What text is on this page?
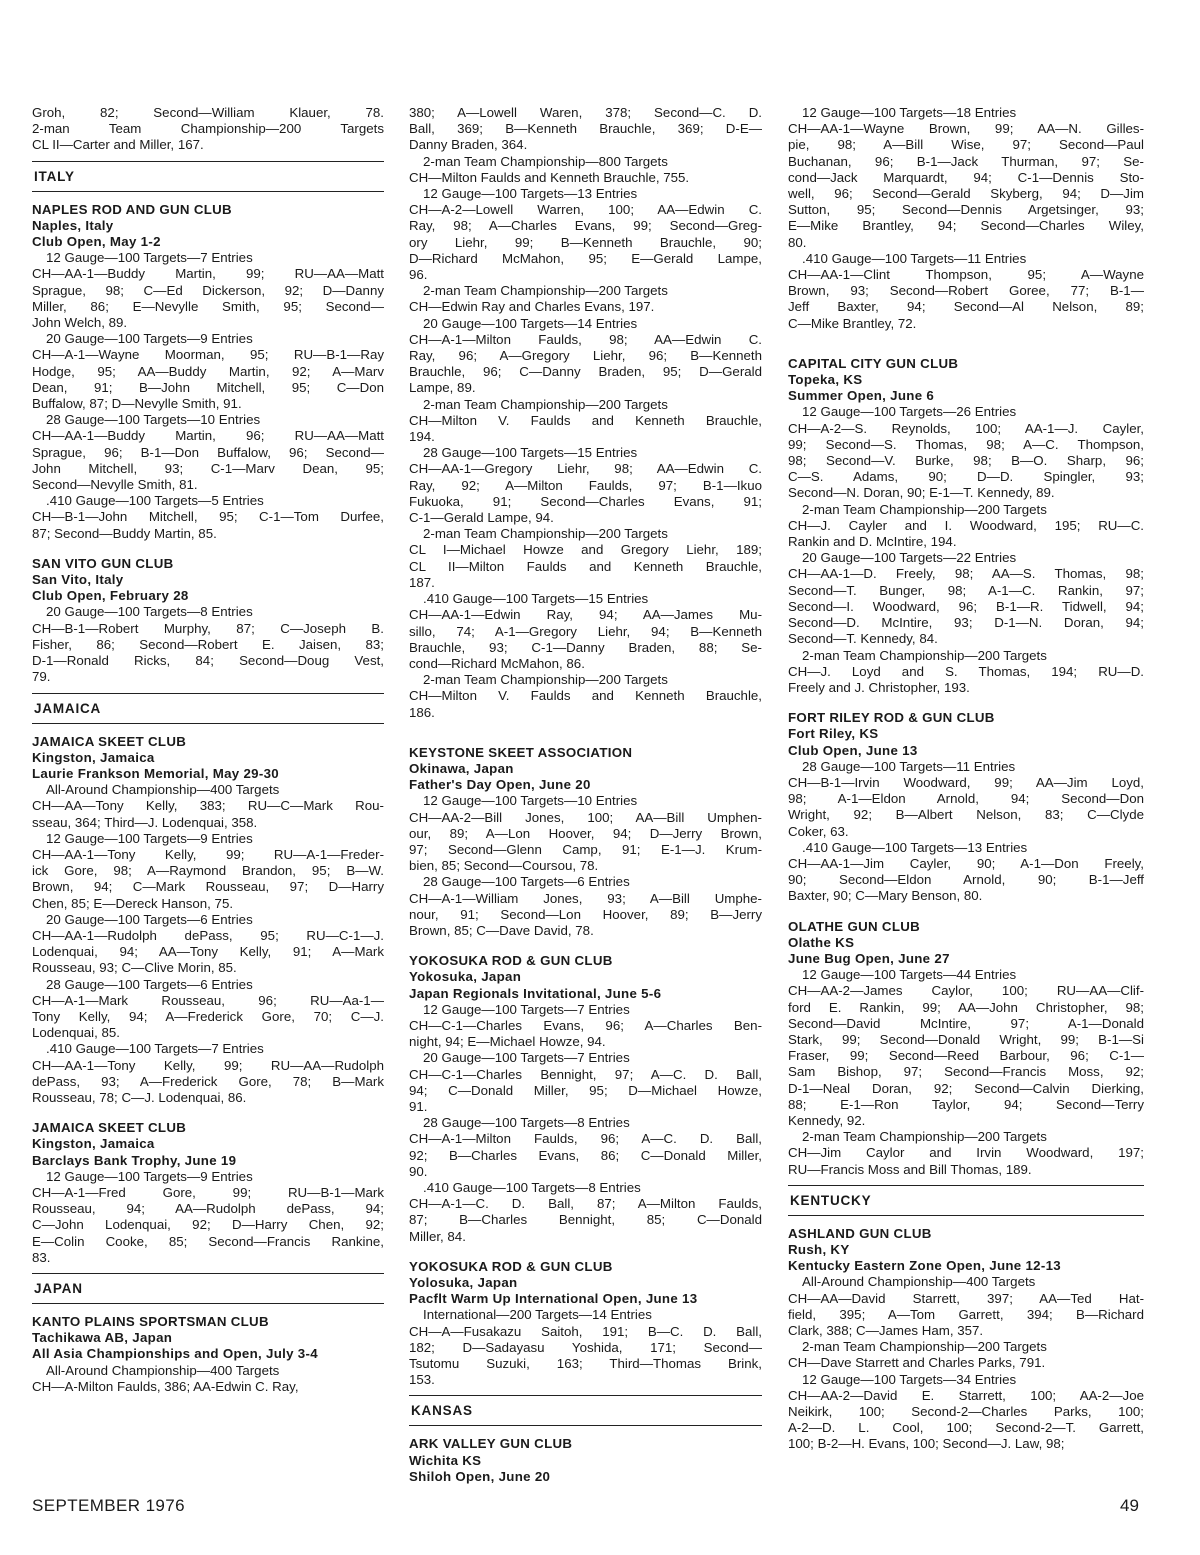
Groh, 82; Second—William Klauer, 78.
2-man Team Championship—200 Targets
CL II—Carter and Miller, 167.
ITALY
NAPLES ROD AND GUN CLUB
Naples, Italy
Club Open, May 1-2
12 Gauge—100 Targets—7 Entries
CH—AA-1—Buddy Martin, 99; RU—AA—Matt
Sprague, 98; C—Ed Dickerson, 92; D—Danny
Miller, 86; E—Nevylle Smith, 95; Second—
John Welch, 89.
20 Gauge—100 Targets—9 Entries
CH—A-1—Wayne Moorman, 95; RU—B-1—Ray
Hodge, 95; AA—Buddy Martin, 92; A—Marv
Dean, 91; B—John Mitchell, 95; C—Don
Buffalow, 87; D—Nevylle Smith, 91.
28 Gauge—100 Targets—10 Entries
CH—AA-1—Buddy Martin, 96; RU—AA—Matt
Sprague, 96; B-1—Don Buffalow, 96; Second—
John Mitchell, 93; C-1—Marv Dean, 95;
Second—Nevylle Smith, 81.
.410 Gauge—100 Targets—5 Entries
CH—B-1—John Mitchell, 95; C-1—Tom Durfee,
87; Second—Buddy Martin, 85.
SAN VITO GUN CLUB
San Vito, Italy
Club Open, February 28
20 Gauge—100 Targets—8 Entries
CH—B-1—Robert Murphy, 87; C—Joseph B.
Fisher, 86; Second—Robert E. Jaisen, 83;
D-1—Ronald Ricks, 84; Second—Doug Vest,
79.
JAMAICA
JAMAICA SKEET CLUB
Kingston, Jamaica
Laurie Frankson Memorial, May 29-30
All-Around Championship—400 Targets
CH—AA—Tony Kelly, 383; RU—C—Mark Rou-
sseau, 364; Third—J. Lodenquai, 358.
12 Gauge—100 Targets—9 Entries
CH—AA-1—Tony Kelly, 99; RU—A-1—Freder-
ick Gore, 98; A—Raymond Brandon, 95; B—W.
Brown, 94; C—Mark Rousseau, 97; D—Harry
Chen, 85; E—Dereck Hanson, 75.
20 Gauge—100 Targets—6 Entries
CH—AA-1—Rudolph dePass, 95; RU—C-1—J.
Lodenquai, 94; AA—Tony Kelly, 91; A—Mark
Rousseau, 93; C—Clive Morin, 85.
28 Gauge—100 Targets—6 Entries
CH—A-1—Mark Rousseau, 96; RU—Aa-1—
Tony Kelly, 94; A—Frederick Gore, 70; C—J.
Lodenquai, 85.
.410 Gauge—100 Targets—7 Entries
CH—AA-1—Tony Kelly, 99; RU—AA—Rudolph
dePass, 93; A—Frederick Gore, 78; B—Mark
Rousseau, 78; C—J. Lodenquai, 86.
JAMAICA SKEET CLUB
Kingston, Jamaica
Barclays Bank Trophy, June 19
12 Gauge—100 Targets—9 Entries
CH—A-1—Fred Gore, 99; RU—B-1—Mark
Rousseau, 94; AA—Rudolph dePass, 94;
C—John Lodenquai, 92; D—Harry Chen, 92;
E—Colin Cooke, 85; Second—Francis Rankine,
83.
JAPAN
KANTO PLAINS SPORTSMAN CLUB
Tachikawa AB, Japan
All Asia Championships and Open, July 3-4
All-Around Championship—400 Targets
CH—A-Milton Faulds, 386; AA-Edwin C. Ray,
380; A—Lowell Waren, 378; Second—C. D.
Ball, 369; B—Kenneth Brauchle, 369; D-E—
Danny Braden, 364.
2-man Team Championship—800 Targets
CH—Milton Faulds and Kenneth Brauchle, 755.
12 Gauge—100 Targets—13 Entries
CH—A-2—Lowell Warren, 100; AA—Edwin C.
Ray, 98; A—Charles Evans, 99; Second—Greg-
ory Liehr, 99; B—Kenneth Brauchle, 90;
D—Richard McMahon, 95; E—Gerald Lampe,
96.
2-man Team Championship—200 Targets
CH—Edwin Ray and Charles Evans, 197.
20 Gauge—100 Targets—14 Entries
CH—A-1—Milton Faulds, 98; AA—Edwin C.
Ray, 96; A—Gregory Liehr, 96; B—Kenneth
Brauchle, 96; C—Danny Braden, 95; D—Gerald
Lampe, 89.
2-man Team Championship—200 Targets
CH—Milton V. Faulds and Kenneth Brauchle,
194.
28 Gauge—100 Targets—15 Entries
CH—AA-1—Gregory Liehr, 98; AA—Edwin C.
Ray, 92; A—Milton Faulds, 97; B-1—Ikuo
Fukuoka, 91; Second—Charles Evans, 91;
C-1—Gerald Lampe, 94.
2-man Team Championship—200 Targets
CL I—Michael Howze and Gregory Liehr, 189;
CL II—Milton Faulds and Kenneth Brauchle,
187.
.410 Gauge—100 Targets—15 Entries
CH—AA-1—Edwin Ray, 94; AA—James Mu-
sillo, 74; A-1—Gregory Liehr, 94; B—Kenneth
Brauchle, 93; C-1—Danny Braden, 88; Se-
cond—Richard McMahon, 86.
2-man Team Championship—200 Targets
CH—Milton V. Faulds and Kenneth Brauchle,
186.
KEYSTONE SKEET ASSOCIATION
Okinawa, Japan
Father's Day Open, June 20
12 Gauge—100 Targets—10 Entries
CH—AA-2—Bill Jones, 100; AA—Bill Umphen-
our, 89; A—Lon Hoover, 94; D—Jerry Brown,
97; Second—Glenn Camp, 91; E-1—J. Krum-
bien, 85; Second—Coursou, 78.
28 Gauge—100 Targets—6 Entries
CH—A-1—William Jones, 93; A—Bill Umphe-
nour, 91; Second—Lon Hoover, 89; B—Jerry
Brown, 85; C—Dave David, 78.
YOKOSUKA ROD & GUN CLUB
Yokosuka, Japan
Japan Regionals Invitational, June 5-6
12 Gauge—100 Targets—7 Entries
CH—C-1—Charles Evans, 96; A—Charles Ben-
night, 94; E—Michael Howze, 94.
20 Gauge—100 Targets—7 Entries
CH—C-1—Charles Bennight, 97; A—C. D. Ball,
94; C—Donald Miller, 95; D—Michael Howze,
91.
28 Gauge—100 Targets—8 Entries
CH—A-1—Milton Faulds, 96; A—C. D. Ball,
92; B—Charles Evans, 86; C—Donald Miller,
90.
.410 Gauge—100 Targets—8 Entries
CH—A-1—C. D. Ball, 87; A—Milton Faulds,
87; B—Charles Bennight, 85; C—Donald
Miller, 84.
YOKOSUKA ROD & GUN CLUB
Yolosuka, Japan
Pacflt Warm Up International Open, June 13
International—200 Targets—14 Entries
CH—A—Fusakazu Saitoh, 191; B—C. D. Ball,
182; D—Sadayasu Yoshida, 171; Second—
Tsutomu Suzuki, 163; Third—Thomas Brink,
153.
KANSAS
ARK VALLEY GUN CLUB
Wichita KS
Shiloh Open, June 20
12 Gauge—100 Targets—18 Entries
CH—AA-1—Wayne Brown, 99; AA—N. Gilles-
pie, 98; A—Bill Wise, 97; Second—Paul
Buchanan, 96; B-1—Jack Thurman, 97; Se-
cond—Jack Marquardt, 94; C-1—Dennis Sto-
well, 96; Second—Gerald Skyberg, 94; D—Jim
Sutton, 95; Second—Dennis Argetsinger, 93;
E—Mike Brantley, 94; Second—Charles Wiley,
80.
.410 Gauge—100 Targets—11 Entries
CH—AA-1—Clint Thompson, 95; A—Wayne
Brown, 93; Second—Robert Goree, 77; B-1—
Jeff Baxter, 94; Second—Al Nelson, 89;
C—Mike Brantley, 72.
CAPITAL CITY GUN CLUB
Topeka, KS
Summer Open, June 6
12 Gauge—100 Targets—26 Entries
CH—A-2—S. Reynolds, 100; AA-1—J. Cayler,
99; Second—S. Thomas, 98; A—C. Thompson,
98; Second—V. Burke, 98; B—O. Sharp, 96;
C—S. Adams, 90; D—D. Spingler, 93;
Second—N. Doran, 90; E-1—T. Kennedy, 89.
2-man Team Championship—200 Targets
CH—J. Cayler and I. Woodward, 195; RU—C.
Rankin and D. McIntire, 194.
20 Gauge—100 Targets—22 Entries
CH—AA-1—D. Freely, 98; AA—S. Thomas, 98;
Second—T. Bunger, 98; A-1—C. Rankin, 97;
Second—I. Woodward, 96; B-1—R. Tidwell, 94;
Second—D. McIntire, 93; D-1—N. Doran, 94;
Second—T. Kennedy, 84.
2-man Team Championship—200 Targets
CH—J. Loyd and S. Thomas, 194; RU—D.
Freely and J. Christopher, 193.
FORT RILEY ROD & GUN CLUB
Fort Riley, KS
Club Open, June 13
28 Gauge—100 Targets—11 Entries
CH—B-1—Irvin Woodward, 99; AA—Jim Loyd,
98; A-1—Eldon Arnold, 94; Second—Don
Wright, 92; B—Albert Nelson, 83; C—Clyde
Coker, 63.
.410 Gauge—100 Targets—13 Entries
CH—AA-1—Jim Cayler, 90; A-1—Don Freely,
90; Second—Eldon Arnold, 90; B-1—Jeff
Baxter, 90; C—Mary Benson, 80.
OLATHE GUN CLUB
Olathe KS
June Bug Open, June 27
12 Gauge—100 Targets—44 Entries
CH—AA-2—James Caylor, 100; RU—AA—Clif-
ford E. Rankin, 99; AA—John Christopher, 98;
Second—David McIntire, 97; A-1—Donald
Stark, 99; Second—Donald Wright, 99; B-1—Si
Fraser, 99; Second—Reed Barbour, 96; C-1—
Sam Bishop, 97; Second—Francis Moss, 92;
D-1—Neal Doran, 92; Second—Calvin Dierking,
88; E-1—Ron Taylor, 94; Second—Terry
Kennedy, 92.
2-man Team Championship—200 Targets
CH—Jim Caylor and Irvin Woodward, 197;
RU—Francis Moss and Bill Thomas, 189.
KENTUCKY
ASHLAND GUN CLUB
Rush, KY
Kentucky Eastern Zone Open, June 12-13
All-Around Championship—400 Targets
CH—AA—David Starrett, 397; AA—Ted Hat-
field, 395; A—Tom Garrett, 394; B—Richard
Clark, 388; C—James Ham, 357.
2-man Team Championship—200 Targets
CH—Dave Starrett and Charles Parks, 791.
12 Gauge—100 Targets—34 Entries
CH—AA-2—David E. Starrett, 100; AA-2—Joe
Neikirk, 100; Second-2—Charles Parks, 100;
A-2—D. L. Cool, 100; Second-2—T. Garrett,
100; B-2—H. Evans, 100; Second—J. Law, 98;
SEPTEMBER 1976	49
